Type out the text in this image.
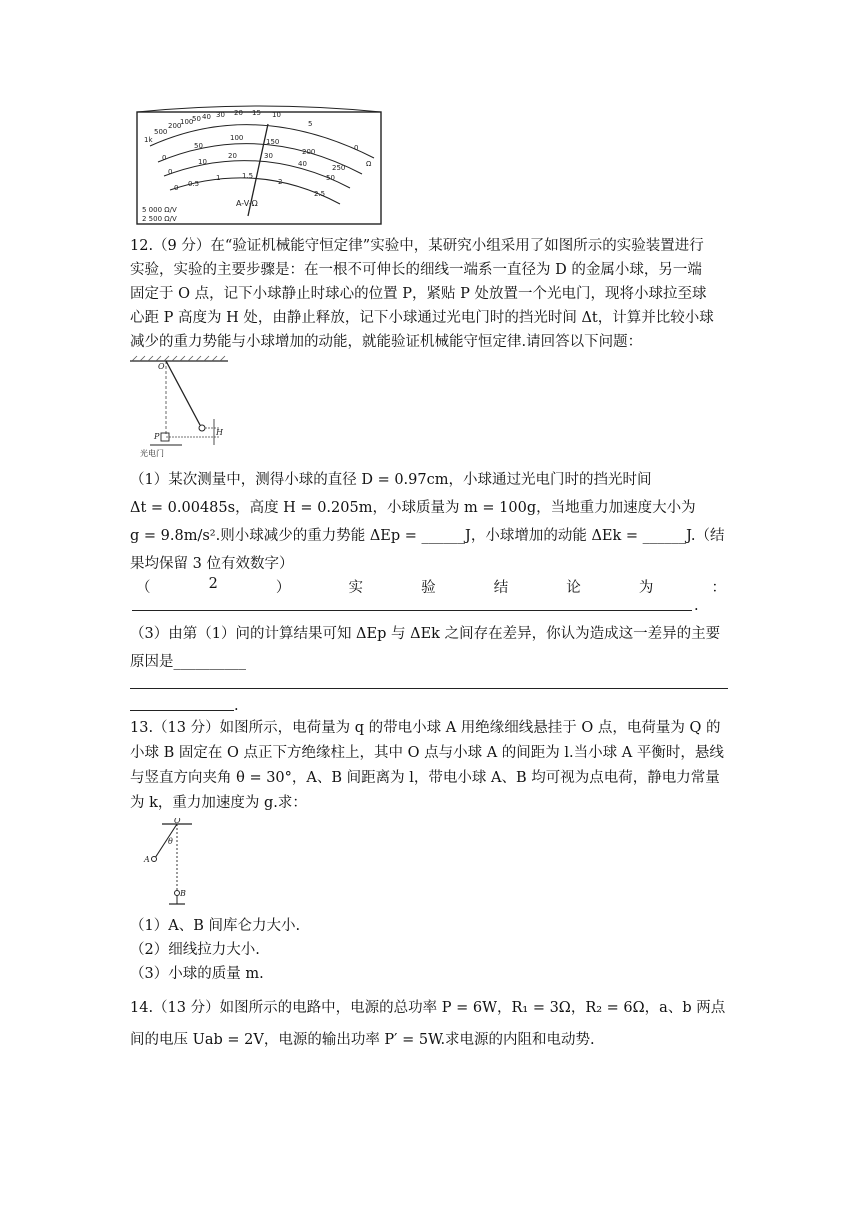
1k
500
200
100
50 40 30 20 15 10
5
0
Ω
0
50
100	150
200
250
0
10
20	30
40
50
0 0.5
1	1.5
2
2.5
A-V-Ω
5 000 Ω/V
2 500 Ω/V
12.（9 分）在“验证机械能守恒定律”实验中，某研究小组采用了如图所示的实验装置进行
实验，实验的主要步骤是：在一根不可伸长的细线一端系一直径为 D 的金属小球，另一端
固定于 O 点，记下小球静止时球心的位置 P，紧贴 P 处放置一个光电门，现将小球拉至球
心距 P 高度为 H 处，由静止释放，记下小球通过光电门时的挡光时间 Δt，计算并比较小球
减少的重力势能与小球增加的动能，就能验证机械能守恒定律.请回答以下问题：
O
P	H
光电门
（1）某次测量中，测得小球的直径 D = 0.97cm，小球通过光电门时的挡光时间
Δt = 0.00485s，高度 H = 0.205m，小球质量为 m = 100g，当地重力加速度大小为
g = 9.8m/s².则小球减少的重力势能 ΔEp = ______J，小球增加的动能 ΔEk = ______J.（结
果均保留 3 位有效数字）
（	2	）	实	验	结	论	为	：
.
（3）由第（1）问的计算结果可知 ΔEp 与 ΔEk 之间存在差异，你认为造成这一差异的主要
原因是__________
.
13.（13 分）如图所示，电荷量为 q 的带电小球 A 用绝缘细线悬挂于 O 点，电荷量为 Q 的
小球 B 固定在 O 点正下方绝缘柱上，其中 O 点与小球 A 的间距为 l.当小球 A 平衡时，悬线
与竖直方向夹角 θ = 30°，A、B 间距离为 l，带电小球 A、B 均可视为点电荷，静电力常量
为 k，重力加速度为 g.求：
O
θ
A
B
（1）A、B 间库仑力大小.
（2）细线拉力大小.
（3）小球的质量 m.
14.（13 分）如图所示的电路中，电源的总功率 P = 6W，R₁ = 3Ω，R₂ = 6Ω，a、b 两点
间的电压 Uab = 2V，电源的输出功率 P′ = 5W.求电源的内阻和电动势.
